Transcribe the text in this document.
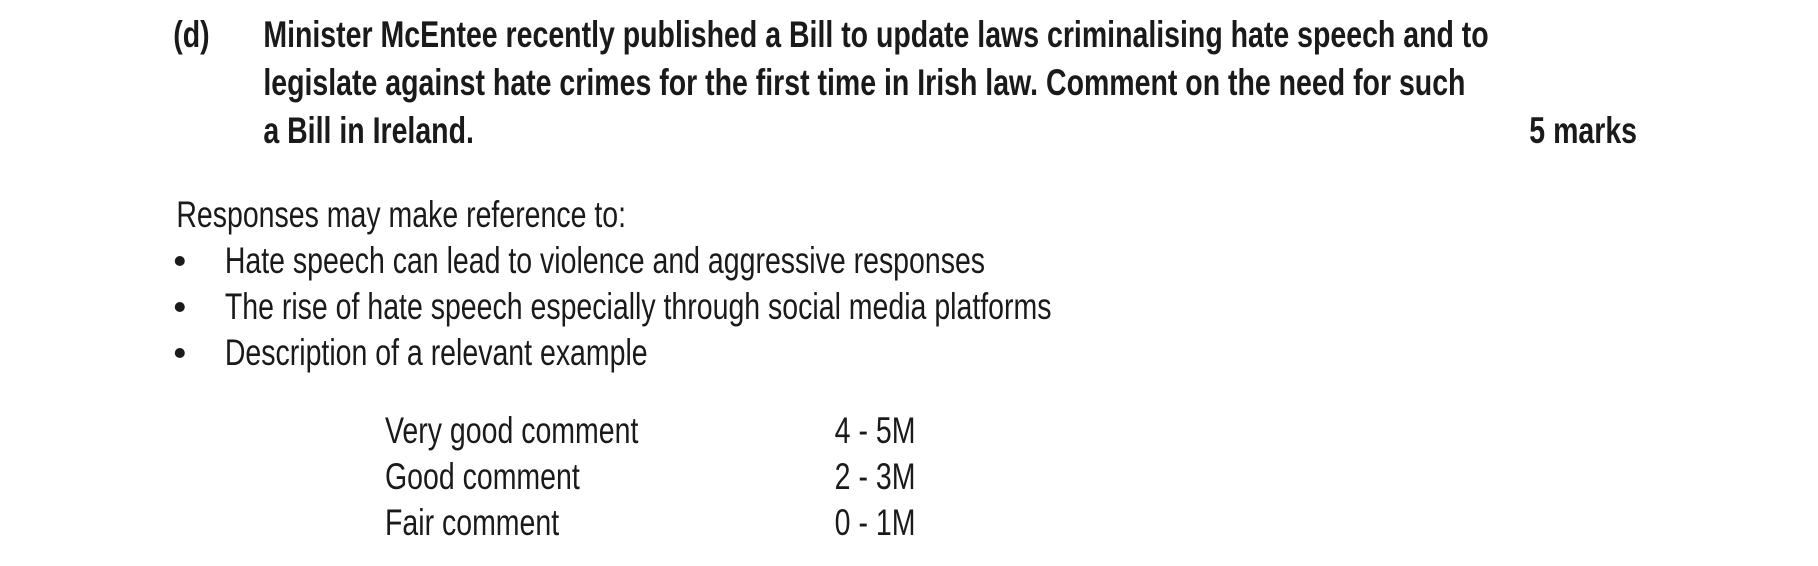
(d)	Minister McEntee recently published a Bill to update laws criminalising hate speech and to
legislate against hate crimes for the first time in Irish law. Comment on the need for such
a Bill in Ireland.	5 marks
Responses may make reference to:
Hate speech can lead to violence and aggressive responses
The rise of hate speech especially through social media platforms
Description of a relevant example
Very good comment	4 - 5M
Good comment	2 - 3M
Fair comment	0 - 1M
